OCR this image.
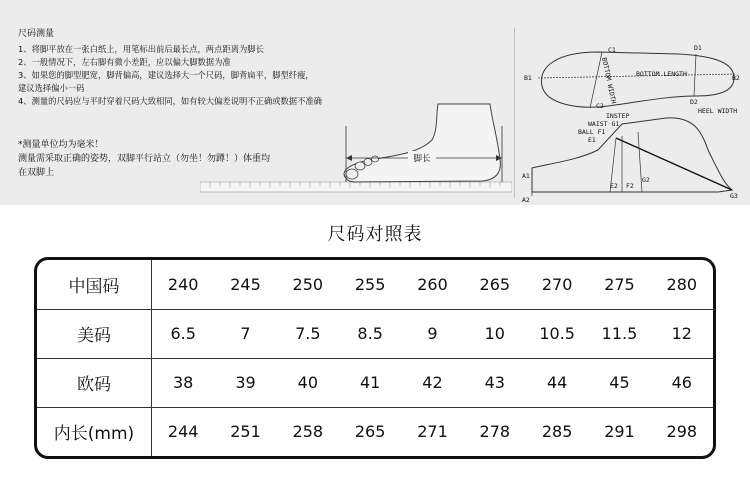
尺码测量
1、将脚平放在一张白纸上，用笔标出前后最长点，两点距离为脚长
2、一般情况下，左右脚有微小差距，应以偏大脚数据为准
3、如果您的脚型肥宽，脚背偏高，建议选择大一个尺码，脚背扁平，脚型纤瘦，
建议选择偏小一码
4、测量的尺码应与平时穿着尺码大致相同，如有较大偏差说明不正确或数据不准确
*测量单位均为毫米！
测量需采取正确的姿势，双脚平行站立（勿坐！勿蹲！）体重均
在双脚上
脚长
C1	D1
B1	B2
C2	D2
BOTTOM WIDTH	BOTTOM LENGTH
HEEL WIDTH
INSTEP
WAIST G1
BALL F1
E1
A1
A2
E2 F2
G2
G3
尺码对照表
中国码	240	245	250	255	260	265	270	275	280
美码	6.5	7	7.5	8.5	9	10	10.5	11.5	12
欧码	38	39	40	41	42	43	44	45	46
内长(mm)	244	251	258	265	271	278	285	291	298
